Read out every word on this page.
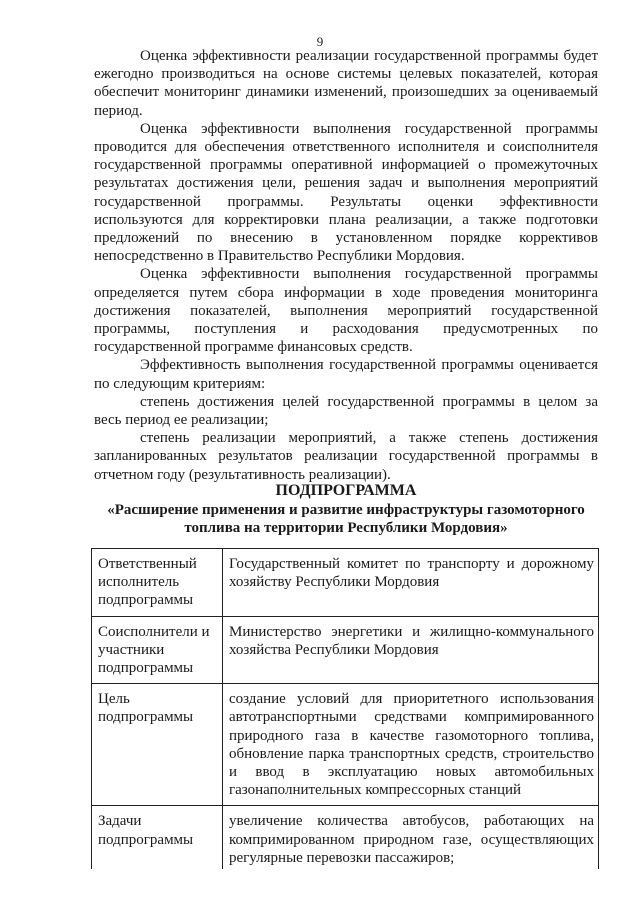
9

Оценка эффективности реализации государственной программы будет ежегодно производиться на основе системы целевых показателей, которая обеспечит мониторинг динамики изменений, произошедших за оцениваемый период.

Оценка эффективности выполнения государственной программы проводится для обеспечения ответственного исполнителя и соисполнителя государственной программы оперативной информацией о промежуточных результатах достижения цели, решения задач и выполнения мероприятий государственной программы. Результаты оценки эффективности используются для корректировки плана реализации, а также подготовки предложений по внесению в установленном порядке коррективов непосредственно в Правительство Республики Мордовия.

Оценка эффективности выполнения государственной программы определяется путем сбора информации в ходе проведения мониторинга достижения показателей, выполнения мероприятий государственной программы, поступления и расходования предусмотренных по государственной программе финансовых средств.

Эффективность выполнения государственной программы оценивается по следующим критериям:

степень достижения целей государственной программы в целом за весь период ее реализации;

степень реализации мероприятий, а также степень достижения запланированных результатов реализации государственной программы в отчетном году (результативность реализации).

ПОДПРОГРАММА
«Расширение применения и развитие инфраструктуры газомоторного топлива на территории Республики Мордовия»
Ответственный исполнитель подпрограммы	Государственный комитет по транспорту и дорожному хозяйству Республики Мордовия
Соисполнители и участники подпрограммы	Министерство энергетики и жилищно-коммунального хозяйства Республики Мордовия
Цель подпрограммы	создание условий для приоритетного использования автотранспортными средствами компримированного природного газа в качестве газомоторного топлива, обновление парка транспортных средств, строительство и ввод в эксплуатацию новых автомобильных газонаполнительных компрессорных станций
Задачи подпрограммы	увеличение количества автобусов, работающих на компримированном природном газе, осуществляющих регулярные перевозки пассажиров;
